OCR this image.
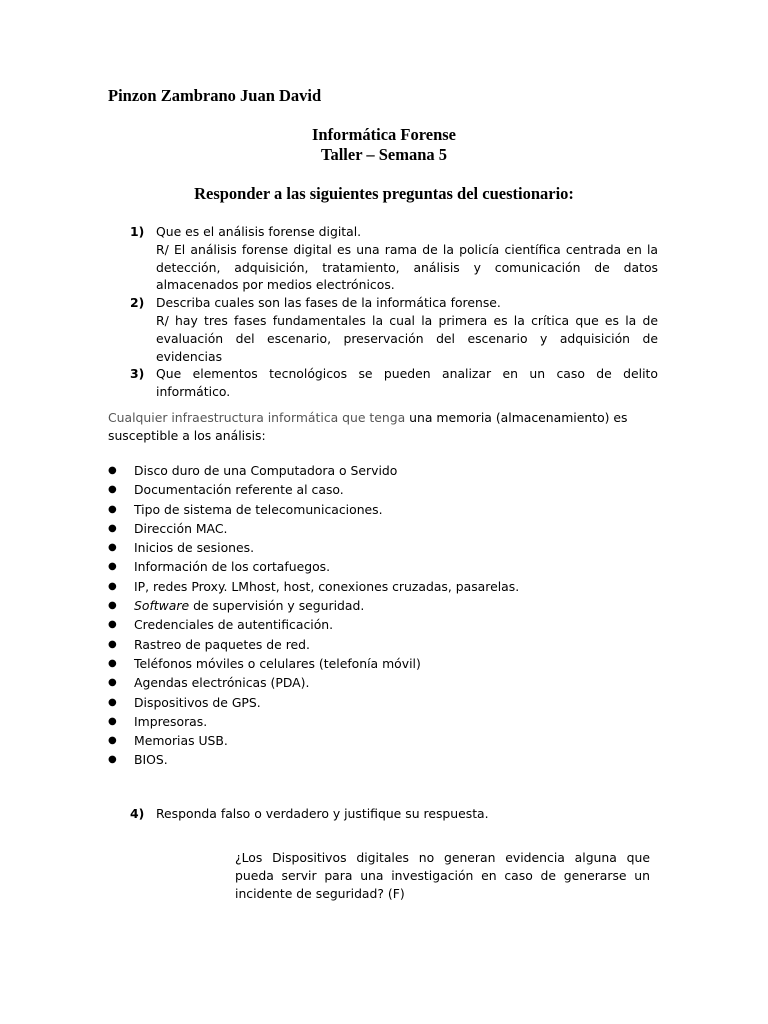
Pinzon Zambrano Juan David
Informática Forense
Taller – Semana 5
Responder a las siguientes preguntas del cuestionario:
1) Que es el análisis forense digital.
R/ El análisis forense digital es una rama de la policía científica centrada en la detección, adquisición, tratamiento, análisis y comunicación de datos almacenados por medios electrónicos.
2) Describa cuales son las fases de la informática forense.
R/ hay tres fases fundamentales la cual la primera es la crítica que es la de evaluación del escenario, preservación del escenario y adquisición de evidencias
3) Que elementos tecnológicos se pueden analizar en un caso de delito informático.
Cualquier infraestructura informática que tenga una memoria (almacenamiento) es susceptible a los análisis:
●
Disco duro de una Computadora o Servido
●
Documentación referente al caso.
●
Tipo de sistema de telecomunicaciones.
●
Dirección MAC.
●
Inicios de sesiones.
●
Información de los cortafuegos.
●
IP, redes Proxy. LMhost, host, conexiones cruzadas, pasarelas.
●
Software de supervisión y seguridad.
●
Credenciales de autentificación.
●
Rastreo de paquetes de red.
●
Teléfonos móviles o celulares (telefonía móvil)
●
Agendas electrónicas (PDA).
●
Dispositivos de GPS.
●
Impresoras.
●
Memorias USB.
●
BIOS.
4) Responda falso o verdadero y justifique su respuesta.
¿Los Dispositivos digitales no generan evidencia alguna que pueda servir para una investigación en caso de generarse un incidente de seguridad? (F)
